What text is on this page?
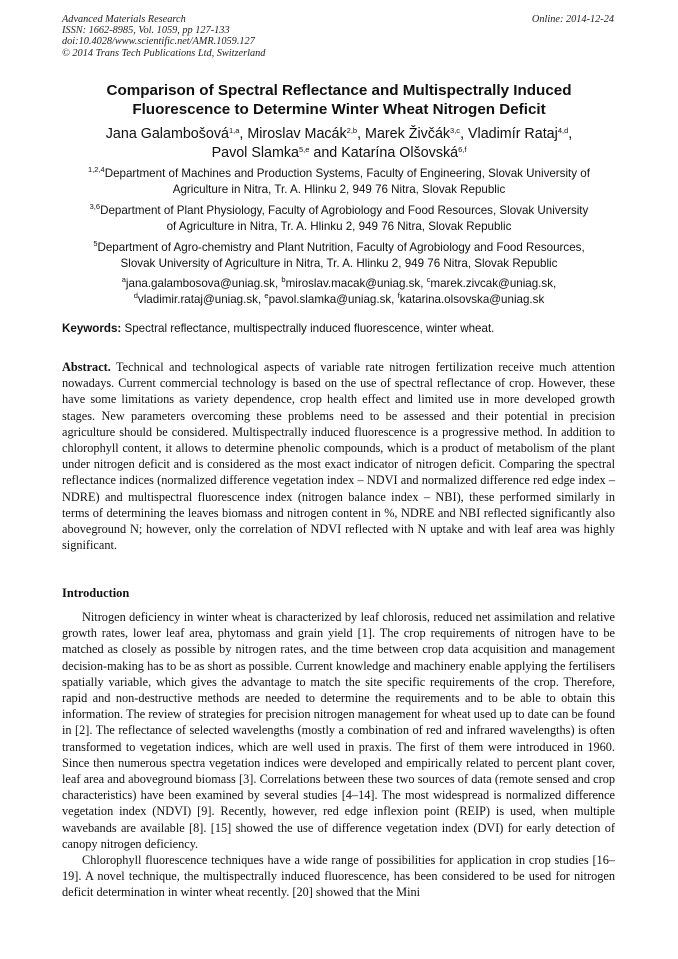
Advanced Materials Research
ISSN: 1662-8985, Vol. 1059, pp 127-133
doi:10.4028/www.scientific.net/AMR.1059.127
© 2014 Trans Tech Publications Ltd, Switzerland
Online: 2014-12-24
Comparison of Spectral Reflectance and Multispectrally Induced
Fluorescence to Determine Winter Wheat Nitrogen Deficit
Jana Galambošová$^{1,a}$, Miroslav Macák$^{2,b}$, Marek Živčák$^{3,c}$, Vladimír Rataj$^{4,d}$,
Pavol Slamka$^{5,e}$ and Katarína Olšovská$^{6,f}$
$^{1,2,4}$Department of Machines and Production Systems, Faculty of Engineering, Slovak University of
Agriculture in Nitra, Tr. A. Hlinku 2, 949 76 Nitra, Slovak Republic
$^{3,6}$Department of Plant Physiology, Faculty of Agrobiology and Food Resources, Slovak University
of Agriculture in Nitra, Tr. A. Hlinku 2, 949 76 Nitra, Slovak Republic
$^5$Department of Agro-chemistry and Plant Nutrition, Faculty of Agrobiology and Food Resources,
Slovak University of Agriculture in Nitra, Tr. A. Hlinku 2, 949 76 Nitra, Slovak Republic
$^a$jana.galambosova@uniag.sk, $^b$miroslav.macak@uniag.sk, $^c$marek.zivcak@uniag.sk,
$^d$vladimir.rataj@uniag.sk, $^e$pavol.slamka@uniag.sk, $^f$katarina.olsovska@uniag.sk
Keywords: Spectral reflectance, multispectrally induced fluorescence, winter wheat.

Abstract. Technical and technological aspects of variable rate nitrogen fertilization receive much attention nowadays. Current commercial technology is based on the use of spectral reflectance of crop. However, these have some limitations as variety dependence, crop health effect and limited use in more developed growth stages. New parameters overcoming these problems need to be assessed and their potential in precision agriculture should be considered. Multispectrally induced fluorescence is a progressive method. In addition to chlorophyll content, it allows to determine phenolic compounds, which is a product of metabolism of the plant under nitrogen deficit and is considered as the most exact indicator of nitrogen deficit. Comparing the spectral reflectance indices (normalized difference vegetation index – NDVI and normalized difference red edge index – NDRE) and multispectral fluorescence index (nitrogen balance index – NBI), these performed similarly in terms of determining the leaves biomass and nitrogen content in %, NDRE and NBI reflected significantly also aboveground N; however, only the correlation of NDVI reflected with N uptake and with leaf area was highly significant.

Introduction

Nitrogen deficiency in winter wheat is characterized by leaf chlorosis, reduced net assimilation and relative growth rates, lower leaf area, phytomass and grain yield [1]. The crop requirements of nitrogen have to be matched as closely as possible by nitrogen rates, and the time between crop data acquisition and management decision-making has to be as short as possible. Current knowledge and machinery enable applying the fertilisers spatially variable, which gives the advantage to match the site specific requirements of the crop. Therefore, rapid and non-destructive methods are needed to determine the requirements and to be able to obtain this information. The review of strategies for precision nitrogen management for wheat used up to date can be found in [2]. The reflectance of selected wavelengths (mostly a combination of red and infrared wavelengths) is often transformed to vegetation indices, which are well used in praxis. The first of them were introduced in 1960. Since then numerous spectra vegetation indices were developed and empirically related to percent plant cover, leaf area and aboveground biomass [3]. Correlations between these two sources of data (remote sensed and crop characteristics) have been examined by several studies [4–14]. The most widespread is normalized difference vegetation index (NDVI) [9]. Recently, however, red edge inflexion point (REIP) is used, when multiple wavebands are available [8]. [15] showed the use of difference vegetation index (DVI) for early detection of canopy nitrogen deficiency.

Chlorophyll fluorescence techniques have a wide range of possibilities for application in crop studies [16–19]. A novel technique, the multispectrally induced fluorescence, has been considered to be used for nitrogen deficit determination in winter wheat recently. [20] showed that the Mini
